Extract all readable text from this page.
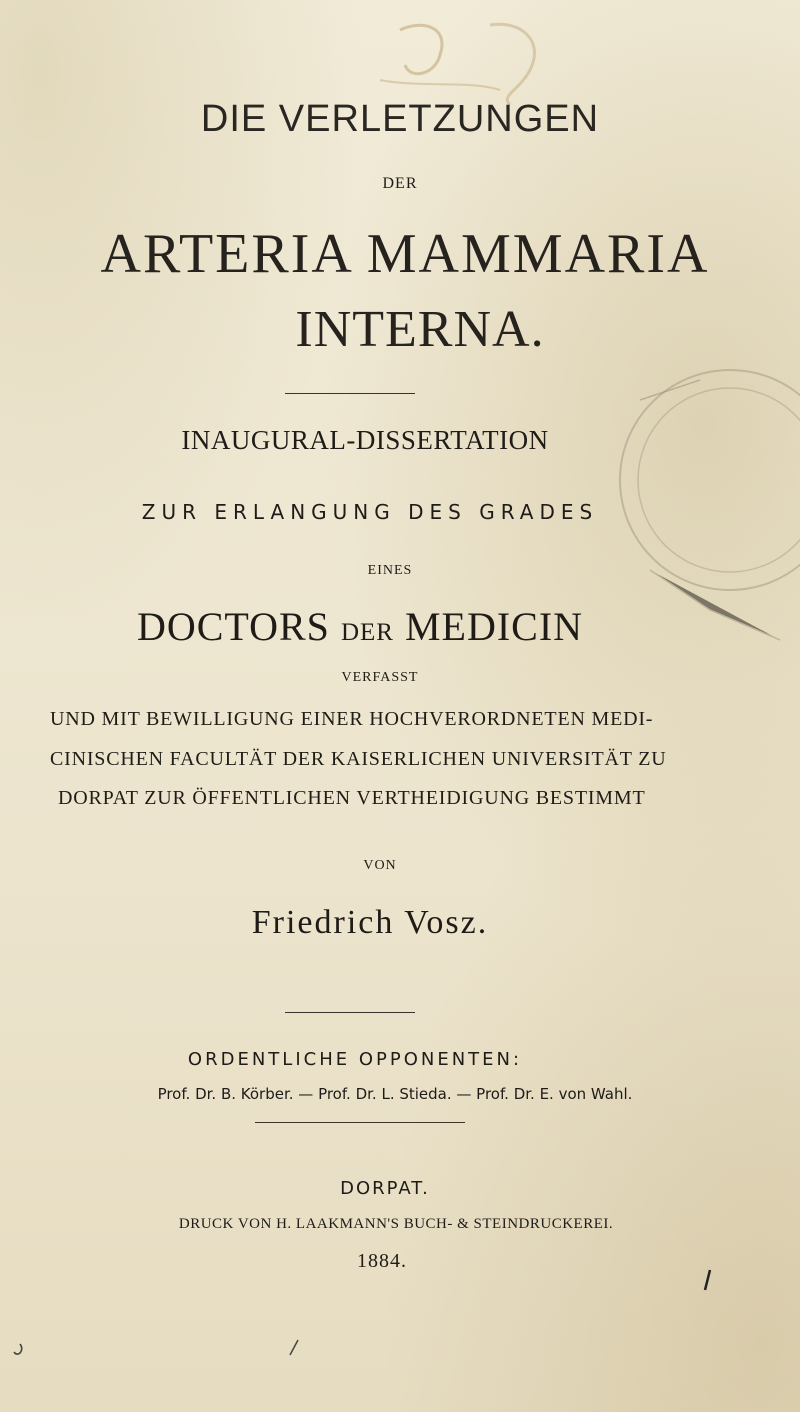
DIE VERLETZUNGEN

DER

ARTERIA MAMMARIA

INTERNA.

INAUGURAL-DISSERTATION

ZUR ERLANGUNG DES GRADES

EINES

DOCTORS DER MEDICIN

VERFASST

UND MIT BEWILLIGUNG EINER HOCHVERORDNETEN MEDI-

CINISCHEN FACULTÄT DER KAISERLICHEN UNIVERSITÄT ZU

DORPAT ZUR ÖFFENTLICHEN VERTHEIDIGUNG BESTIMMT

VON

Friedrich Vosz.

ORDENTLICHE OPPONENTEN:

Prof. Dr. B. Körber. — Prof. Dr. L. Stieda. — Prof. Dr. E. von Wahl.

DORPAT.

DRUCK VON H. LAAKMANN'S BUCH- & STEINDRUCKEREI.

1884.
